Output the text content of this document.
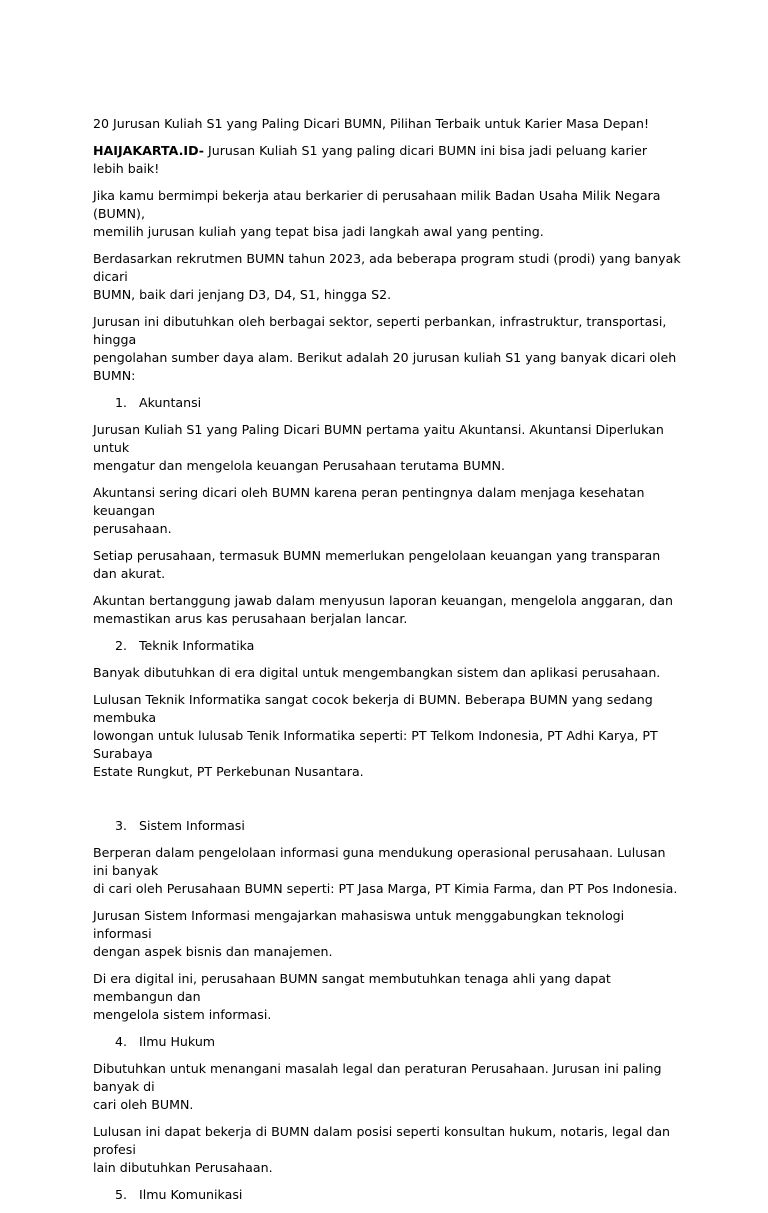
20 Jurusan Kuliah S1 yang Paling Dicari BUMN, Pilihan Terbaik untuk Karier Masa Depan!

HAIJAKARTA.ID- Jurusan Kuliah S1 yang paling dicari BUMN ini bisa jadi peluang karier lebih baik!

Jika kamu bermimpi bekerja atau berkarier di perusahaan milik Badan Usaha Milik Negara (BUMN),
memilih jurusan kuliah yang tepat bisa jadi langkah awal yang penting.

Berdasarkan rekrutmen BUMN tahun 2023, ada beberapa program studi (prodi) yang banyak dicari
BUMN, baik dari jenjang D3, D4, S1, hingga S2.

Jurusan ini dibutuhkan oleh berbagai sektor, seperti perbankan, infrastruktur, transportasi, hingga
pengolahan sumber daya alam. Berikut adalah 20 jurusan kuliah S1 yang banyak dicari oleh BUMN:

1. Akuntansi

Jurusan Kuliah S1 yang Paling Dicari BUMN pertama yaitu Akuntansi. Akuntansi Diperlukan untuk
mengatur dan mengelola keuangan Perusahaan terutama BUMN.

Akuntansi sering dicari oleh BUMN karena peran pentingnya dalam menjaga kesehatan keuangan
perusahaan.

Setiap perusahaan, termasuk BUMN memerlukan pengelolaan keuangan yang transparan dan akurat.

Akuntan bertanggung jawab dalam menyusun laporan keuangan, mengelola anggaran, dan
memastikan arus kas perusahaan berjalan lancar.

2. Teknik Informatika

Banyak dibutuhkan di era digital untuk mengembangkan sistem dan aplikasi perusahaan.

Lulusan Teknik Informatika sangat cocok bekerja di BUMN. Beberapa BUMN yang sedang membuka
lowongan untuk lulusab Tenik Informatika seperti: PT Telkom Indonesia, PT Adhi Karya, PT Surabaya
Estate Rungkut, PT Perkebunan Nusantara.

3. Sistem Informasi

Berperan dalam pengelolaan informasi guna mendukung operasional perusahaan. Lulusan ini banyak
di cari oleh Perusahaan BUMN seperti: PT Jasa Marga, PT Kimia Farma, dan PT Pos Indonesia.

Jurusan Sistem Informasi mengajarkan mahasiswa untuk menggabungkan teknologi informasi
dengan aspek bisnis dan manajemen.

Di era digital ini, perusahaan BUMN sangat membutuhkan tenaga ahli yang dapat membangun dan
mengelola sistem informasi.

4. Ilmu Hukum

Dibutuhkan untuk menangani masalah legal dan peraturan Perusahaan. Jurusan ini paling banyak di
cari oleh BUMN.

Lulusan ini dapat bekerja di BUMN dalam posisi seperti konsultan hukum, notaris, legal dan profesi
lain dibutuhkan Perusahaan.

5. Ilmu Komunikasi
